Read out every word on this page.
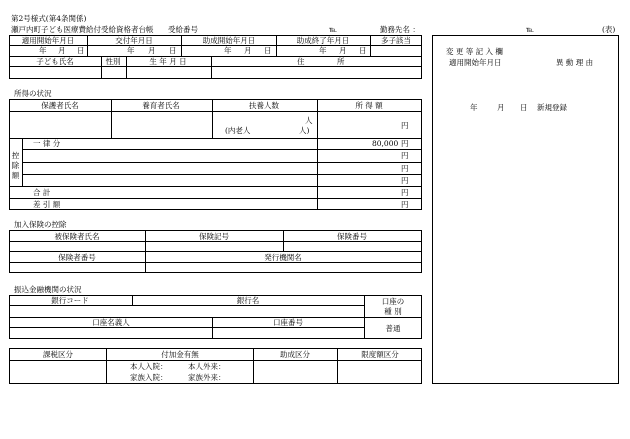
第2号様式(第4条関係)
瀬戸内町子ども医療費給付受給資格者台帳 受給番号	℡	勤務先名 ：	℡	(表)
適用開始年月日	交付年月日	助成開始年月日	助成終了年月日	多子該当
年 月 日	年 月 日	年 月 日	年 月 日
子ども氏名	性別	生 年 月 日	住	所
変 更 等 記 入 欄
適用開始年月日	異 動 理 由
年	月 日 新規登録
所得の状況
保護者氏名	養育者氏名	扶養人数	所 得 額
人
(内老人	人)
円
控除額
一 律 分	80,000 円
円
円
円
合 計	円
差 引 額	円
加入保険の控除
被保険者氏名	保険記号	保険番号
保険者番号	発行機関名
振込金融機関の状況
銀行コード	銀行名	口座の
種 別
口座名義人	口座番号
普通
課税区分	付加金有無	助成区分	限度額区分
本人入院：	本人外来：
家族入院：	家族外来：
